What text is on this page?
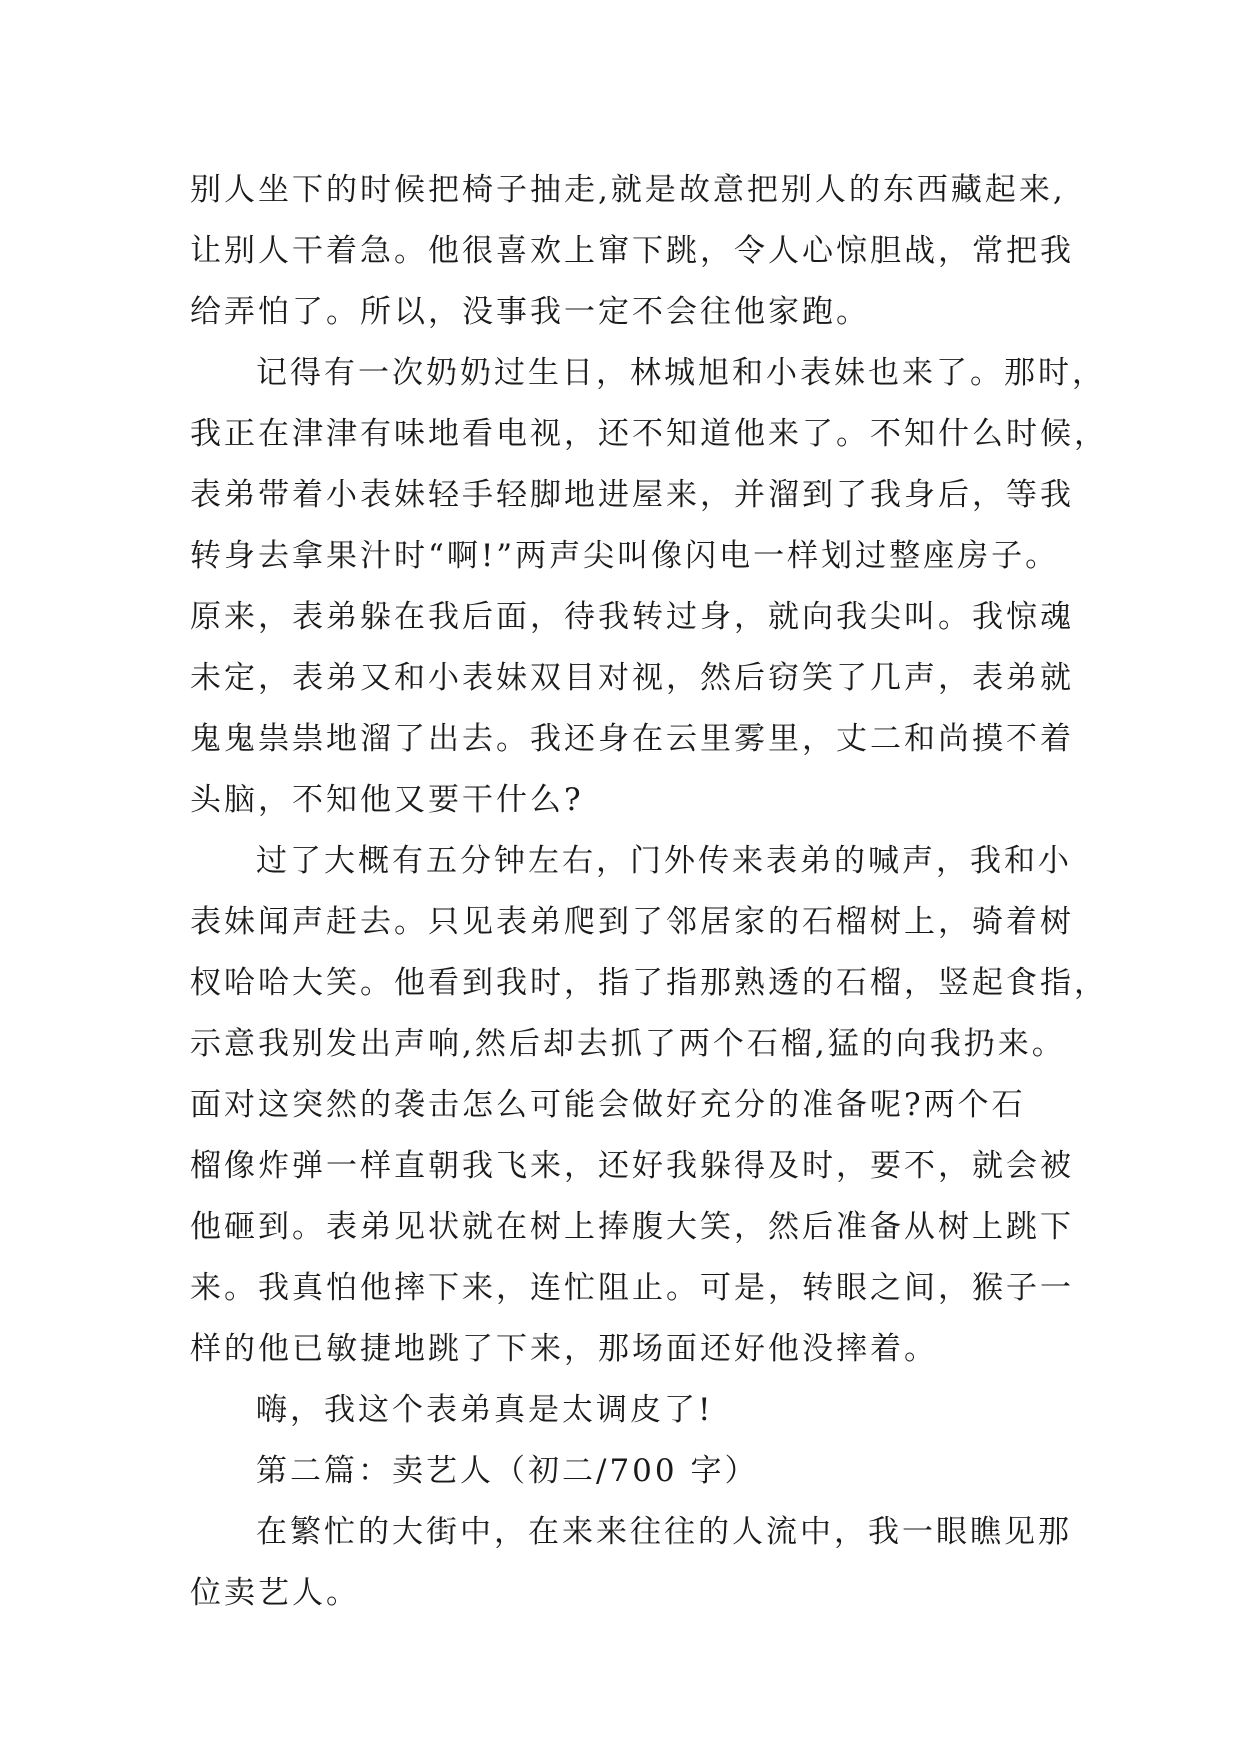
别人坐下的时候把椅子抽走,就是故意把别人的东西藏起来,
让别人干着急。他很喜欢上窜下跳，令人心惊胆战，常把我
给弄怕了。所以，没事我一定不会往他家跑。
记得有一次奶奶过生日，林城旭和小表妹也来了。那时，
我正在津津有味地看电视，还不知道他来了。不知什么时候，
表弟带着小表妹轻手轻脚地进屋来，并溜到了我身后，等我
转身去拿果汁时“啊!”两声尖叫像闪电一样划过整座房子。
原来，表弟躲在我后面，待我转过身，就向我尖叫。我惊魂
未定，表弟又和小表妹双目对视，然后窃笑了几声，表弟就
鬼鬼祟祟地溜了出去。我还身在云里雾里，丈二和尚摸不着
头脑，不知他又要干什么?
过了大概有五分钟左右，门外传来表弟的喊声，我和小
表妹闻声赶去。只见表弟爬到了邻居家的石榴树上，骑着树
杈哈哈大笑。他看到我时，指了指那熟透的石榴，竖起食指，
示意我别发出声响,然后却去抓了两个石榴,猛的向我扔来。
面对这突然的袭击怎么可能会做好充分的准备呢?两个石
榴像炸弹一样直朝我飞来，还好我躲得及时，要不，就会被
他砸到。表弟见状就在树上捧腹大笑，然后准备从树上跳下
来。我真怕他摔下来，连忙阻止。可是，转眼之间，猴子一
样的他已敏捷地跳了下来，那场面还好他没摔着。
嗨，我这个表弟真是太调皮了!
第二篇：卖艺人（初二/700 字）
在繁忙的大街中，在来来往往的人流中，我一眼瞧见那
位卖艺人。
